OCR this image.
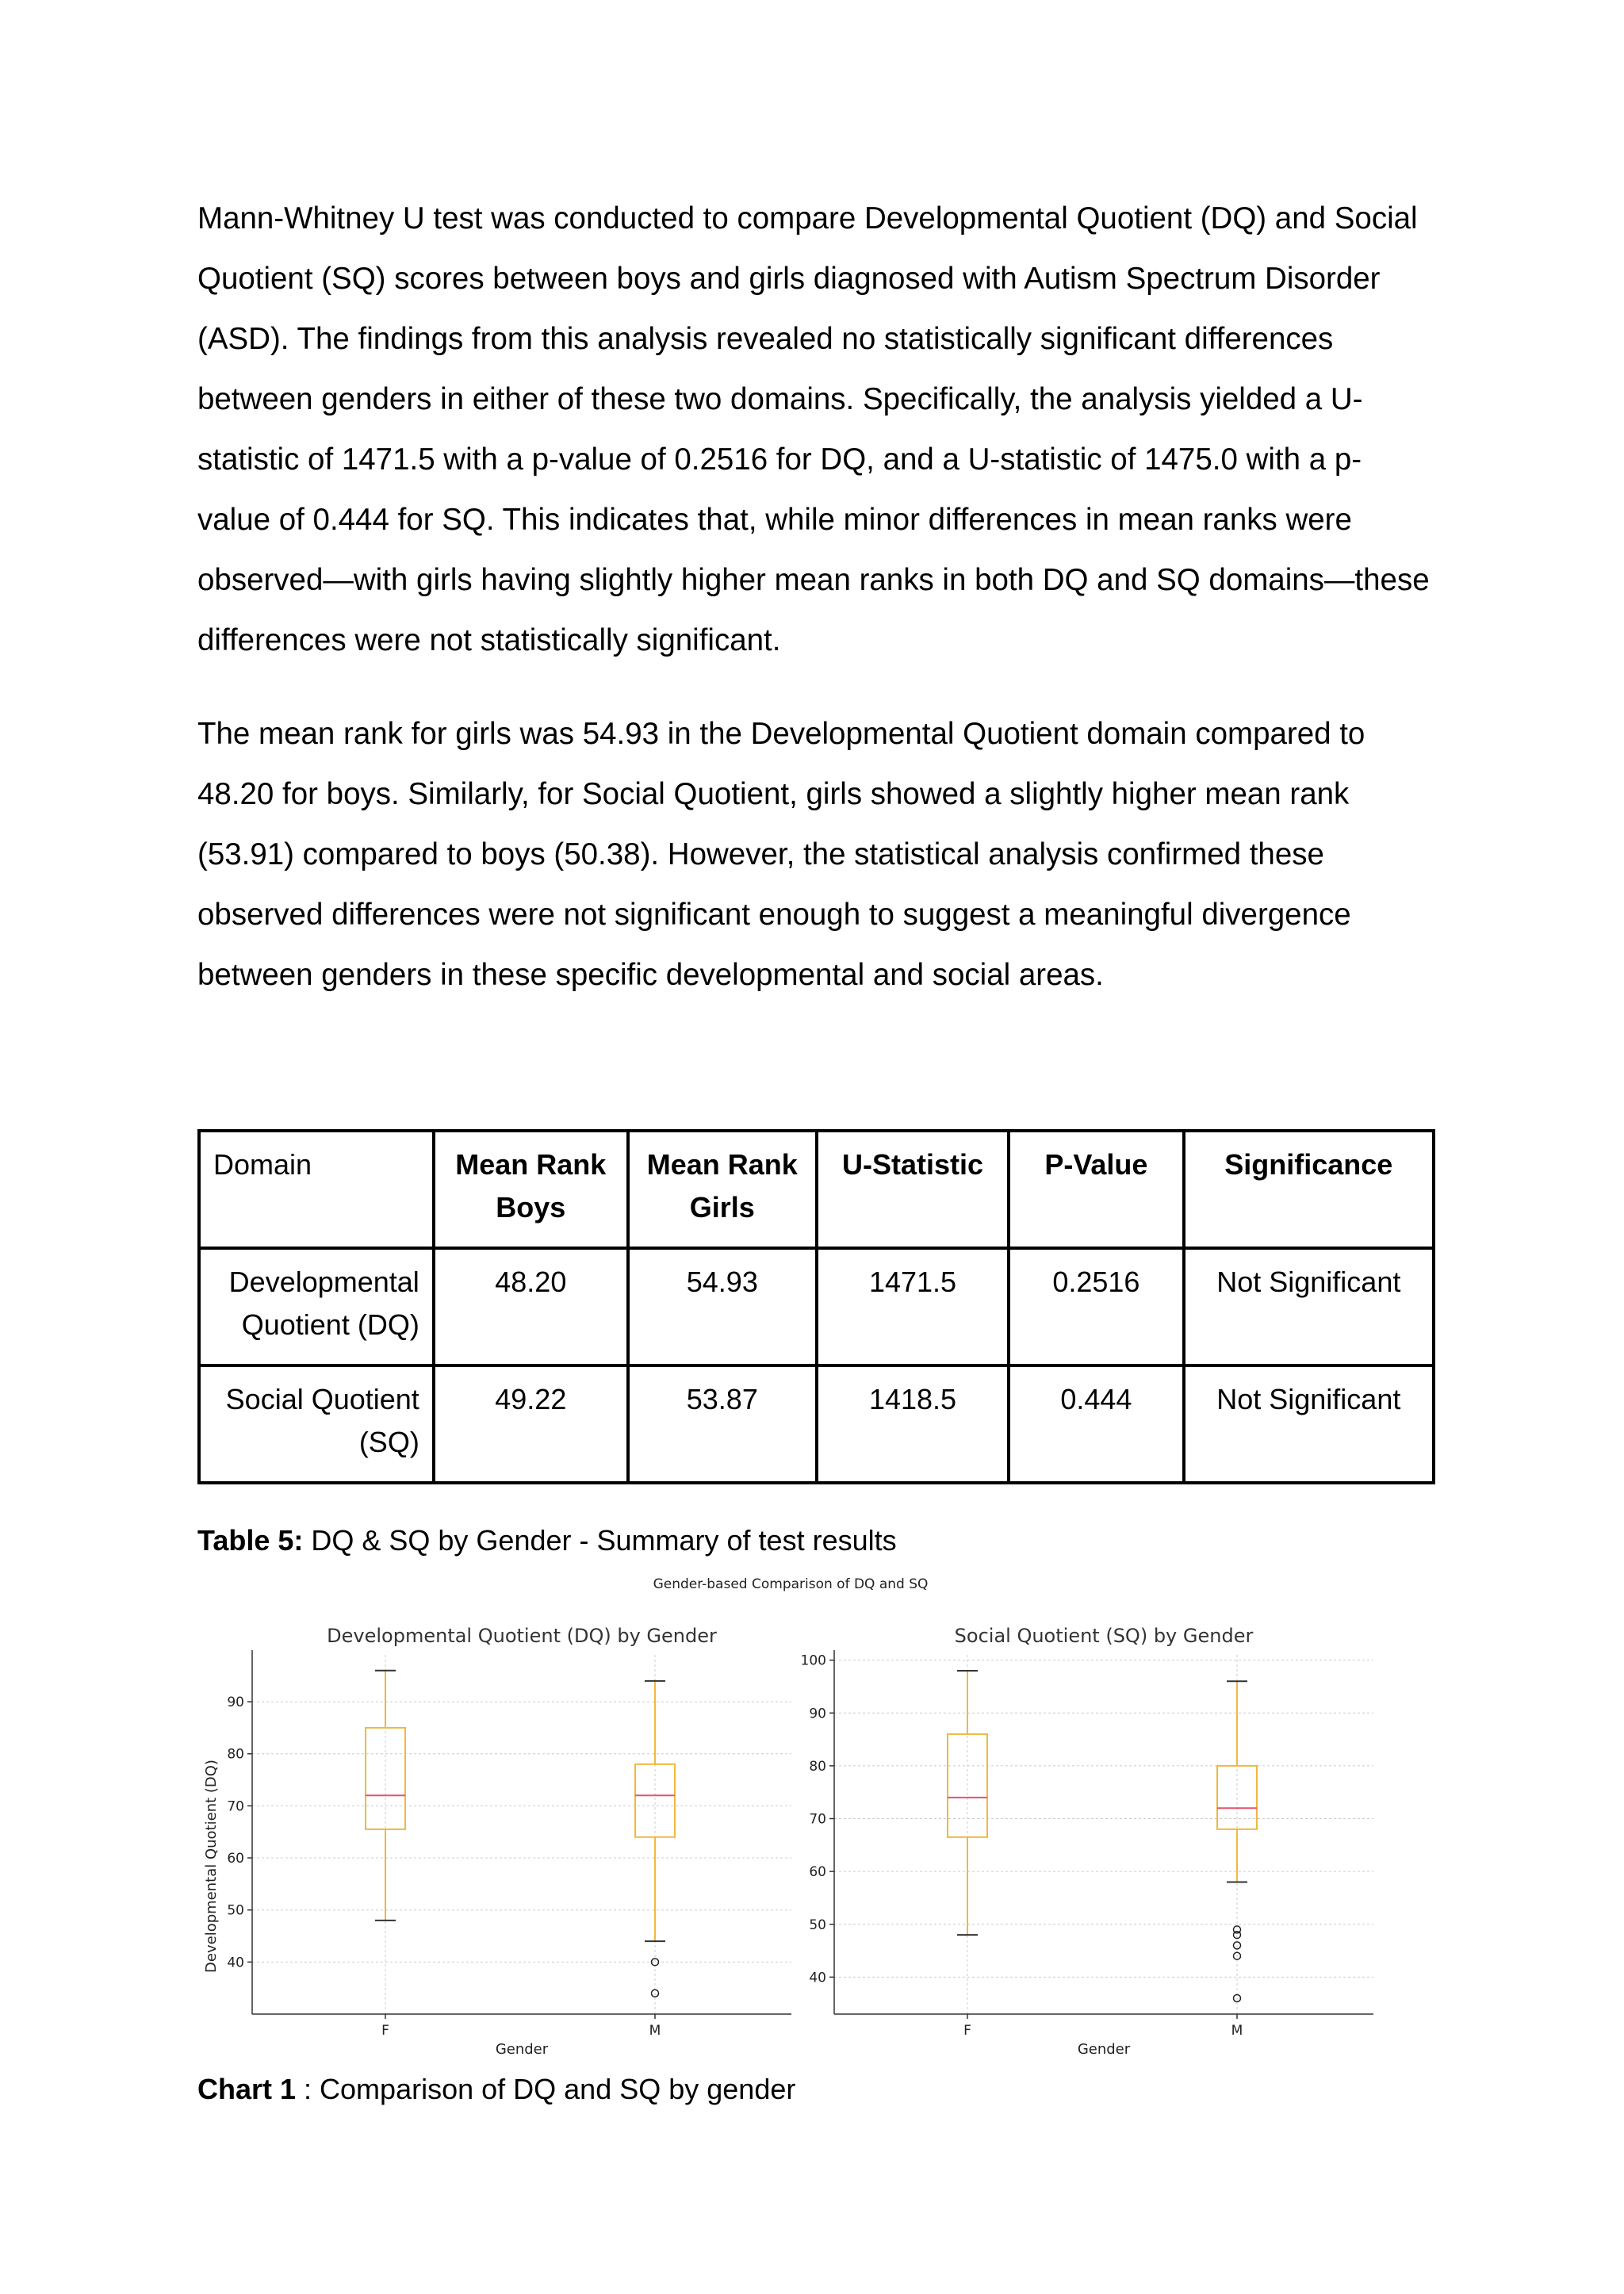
Mann-Whitney U test was conducted to compare Developmental Quotient (DQ) and Social Quotient (SQ) scores between boys and girls diagnosed with Autism Spectrum Disorder (ASD). The findings from this analysis revealed no statistically significant differences between genders in either of these two domains. Specifically, the analysis yielded a U-statistic of 1471.5 with a p-value of 0.2516 for DQ, and a U-statistic of 1475.0 with a p-value of 0.444 for SQ. This indicates that, while minor differences in mean ranks were observed—with girls having slightly higher mean ranks in both DQ and SQ domains—these differences were not statistically significant.

The mean rank for girls was 54.93 in the Developmental Quotient domain compared to 48.20 for boys. Similarly, for Social Quotient, girls showed a slightly higher mean rank (53.91) compared to boys (50.38). However, the statistical analysis confirmed these observed differences were not significant enough to suggest a meaningful divergence between genders in these specific developmental and social areas.

Domain	Mean Rank Boys	Mean Rank Girls	U-Statistic	P-Value	Significance
Developmental Quotient (DQ)	48.20	54.93	1471.5	0.2516	Not Significant
Social Quotient (SQ)	49.22	53.87	1418.5	0.444	Not Significant

Table 5: DQ & SQ by Gender - Summary of test results

Gender-based Comparison of DQ and SQ
40
50
60
70
80
90
Developmental Quotient (DQ) by Gender
Gender
Developmental Quotient (DQ)
F	M
40
50
60
70
80
90
100
Social Quotient (SQ) by Gender
Gender
F	M

Chart 1 : Comparison of DQ and SQ by gender
